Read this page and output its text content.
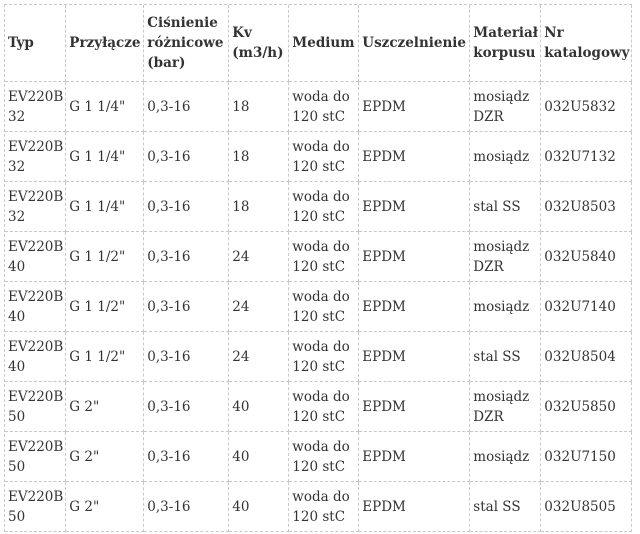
Typ	Przyłącze	Ciśnienie różnicowe (bar)	Kv (m3/h)	Medium	Uszczelnienie	Materiał korpusu	Nr katalogowy
EV220B 32	G 1 1/4"	0,3-16	18	woda do 120 stC	EPDM	mosiądz DZR	032U5832
EV220B 32	G 1 1/4"	0,3-16	18	woda do 120 stC	EPDM	mosiądz	032U7132
EV220B 32	G 1 1/4"	0,3-16	18	woda do 120 stC	EPDM	stal SS	032U8503
EV220B 40	G 1 1/2"	0,3-16	24	woda do 120 stC	EPDM	mosiądz DZR	032U5840
EV220B 40	G 1 1/2"	0,3-16	24	woda do 120 stC	EPDM	mosiądz	032U7140
EV220B 40	G 1 1/2"	0,3-16	24	woda do 120 stC	EPDM	stal SS	032U8504
EV220B 50	G 2"	0,3-16	40	woda do 120 stC	EPDM	mosiądz DZR	032U5850
EV220B 50	G 2"	0,3-16	40	woda do 120 stC	EPDM	mosiądz	032U7150
EV220B 50	G 2"	0,3-16	40	woda do 120 stC	EPDM	stal SS	032U8505
